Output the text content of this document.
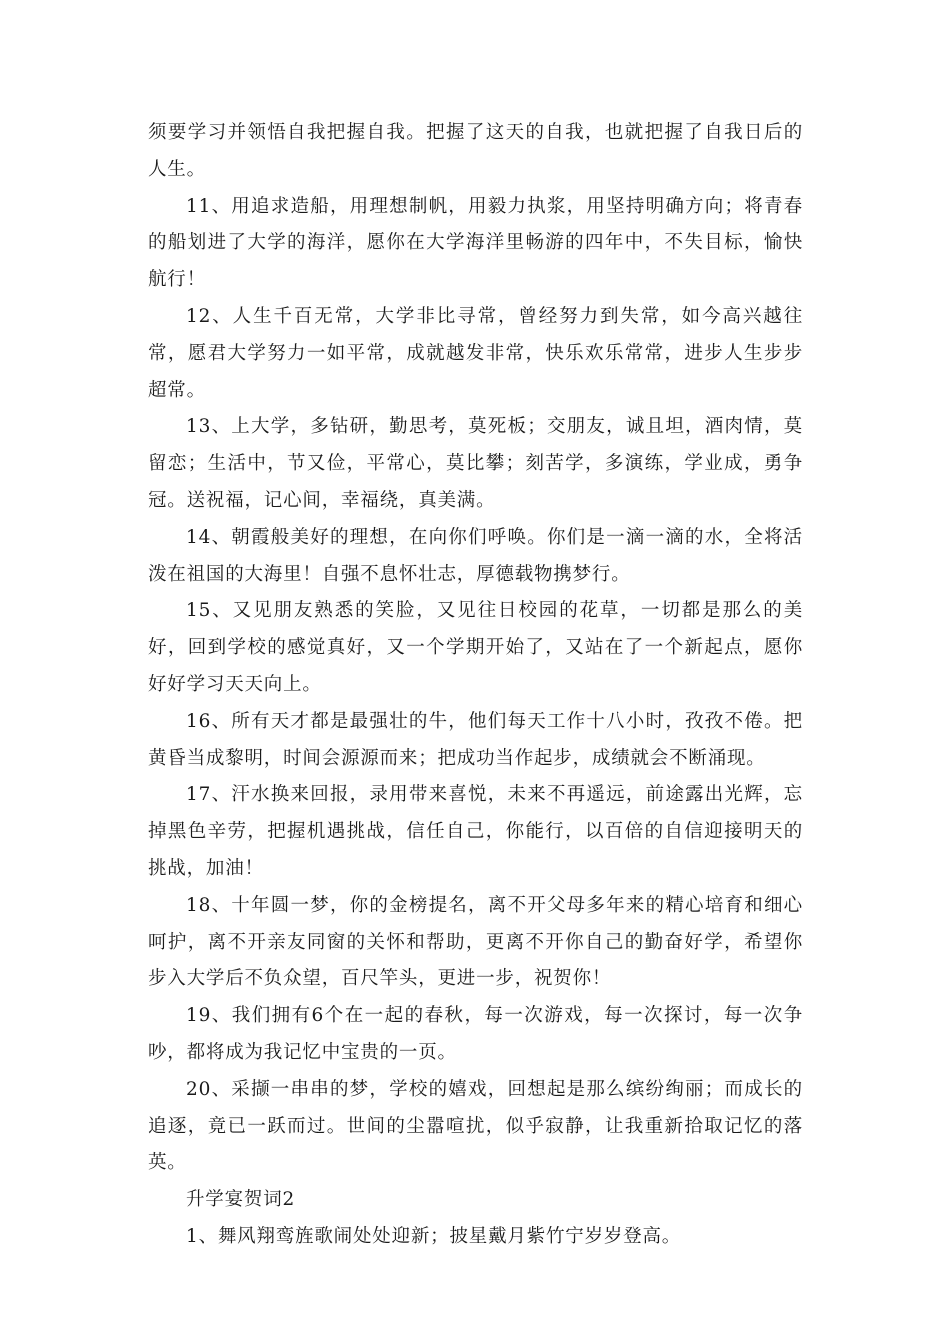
须要学习并领悟自我把握自我。把握了这天的自我，也就把握了自我日后的人生。

11、用追求造船，用理想制帆，用毅力执浆，用坚持明确方向；将青春的船划进了大学的海洋，愿你在大学海洋里畅游的四年中，不失目标，愉快航行！

12、人生千百无常，大学非比寻常，曾经努力到失常，如今高兴越往常，愿君大学努力一如平常，成就越发非常，快乐欢乐常常，进步人生步步超常。

13、上大学，多钻研，勤思考，莫死板；交朋友，诚且坦，酒肉情，莫留恋；生活中，节又俭，平常心，莫比攀；刻苦学，多演练，学业成，勇争冠。送祝福，记心间，幸福绕，真美满。

14、朝霞般美好的理想，在向你们呼唤。你们是一滴一滴的水，全将活泼在祖国的大海里！自强不息怀壮志，厚德载物携梦行。

15、又见朋友熟悉的笑脸，又见往日校园的花草，一切都是那么的美好，回到学校的感觉真好，又一个学期开始了，又站在了一个新起点，愿你好好学习天天向上。

16、所有天才都是最强壮的牛，他们每天工作十八小时，孜孜不倦。把黄昏当成黎明，时间会源源而来；把成功当作起步，成绩就会不断涌现。

17、汗水换来回报，录用带来喜悦，未来不再遥远，前途露出光辉，忘掉黑色辛劳，把握机遇挑战，信任自己，你能行，以百倍的自信迎接明天的挑战，加油！

18、十年圆一梦，你的金榜提名，离不开父母多年来的精心培育和细心呵护，离不开亲友同窗的关怀和帮助，更离不开你自己的勤奋好学，希望你步入大学后不负众望，百尺竿头，更进一步，祝贺你！

19、我们拥有6个在一起的春秋，每一次游戏，每一次探讨，每一次争吵，都将成为我记忆中宝贵的一页。

20、采撷一串串的梦，学校的嬉戏，回想起是那么缤纷绚丽；而成长的追逐，竟已一跃而过。世间的尘嚣喧扰，似乎寂静，让我重新拾取记忆的落英。

升学宴贺词2

1、舞风翔鸾旌歌闹处处迎新；披星戴月紫竹宁岁岁登高。
